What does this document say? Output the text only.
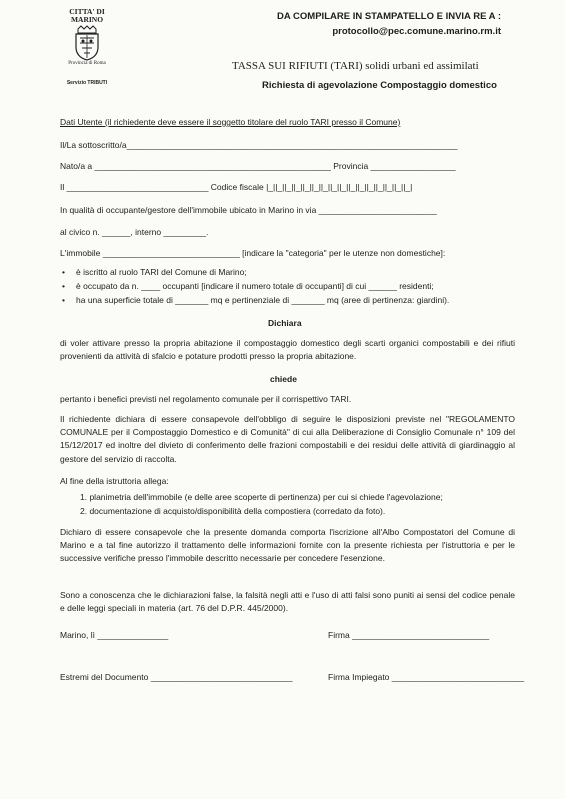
CITTA' DI
MARINO
Provincia di Roma
Servizio TRIBUTI
DA COMPILARE IN STAMPATELLO E INVIA RE A :
protocollo@pec.comune.marino.rm.it
TASSA SUI RIFIUTI (TARI) solidi urbani ed assimilati
Richiesta di agevolazione Compostaggio domestico
Dati Utente (il richiedente deve essere il soggetto titolare del ruolo TARI presso il Comune)
Il/La sottoscritto/a______________________________________________________________________
Nato/a a __________________________________________________ Provincia __________________
Il ______________________________ Codice fiscale |_||_||_||_||_||_||_||_||_||_||_||_||_||_||_||_|
In qualità di occupante/gestore dell'immobile ubicato in Marino in via _________________________
al civico n. ______, interno _________.
L'immobile _____________________________ [indicare la "categoria" per le utenze non domestiche]:
• è iscritto al ruolo TARI del Comune di Marino;
• è occupato da n. ____ occupanti [indicare il numero totale di occupanti] di cui ______ residenti;
• ha una superficie totale di _______ mq e pertinenziale di _______ mq (aree di pertinenza: giardini).
Dichiara
di voler attivare presso la propria abitazione il compostaggio domestico degli scarti organici compostabili e dei rifiuti provenienti da attività di sfalcio e potature prodotti presso la propria abitazione.
chiede
pertanto i benefici previsti nel regolamento comunale per il corrispettivo TARI.
Il richiedente dichiara di essere consapevole dell'obbligo di seguire le disposizioni previste nel "REGOLAMENTO COMUNALE per il Compostaggio Domestico e di Comunità" di cui alla Deliberazione di Consiglio Comunale n° 109 del 15/12/2017 ed inoltre del divieto di conferimento delle frazioni compostabili e dei residui delle attività di giardinaggio al gestore del servizio di raccolta.
Al fine della istruttoria allega:
1. planimetria dell'immobile (e delle aree scoperte di pertinenza) per cui si chiede l'agevolazione;
2. documentazione di acquisto/disponibilità della compostiera (corredato da foto).
Dichiaro di essere consapevole che la presente domanda comporta l'iscrizione all'Albo Compostatori del Comune di Marino e a tal fine autorizzo il trattamento delle informazioni fornite con la presente richiesta per l'istruttoria e per le successive verifiche presso l'immobile descritto necessarie per concedere l'esenzione.
Sono a conoscenza che le dichiarazioni false, la falsità negli atti e l'uso di atti falsi sono puniti ai sensi del codice penale e delle leggi speciali in materia (art. 76 del D.P.R. 445/2000).
Marino, lì _______________	Firma _____________________________
Estremi del Documento ______________________________	Firma Impiegato ____________________________
